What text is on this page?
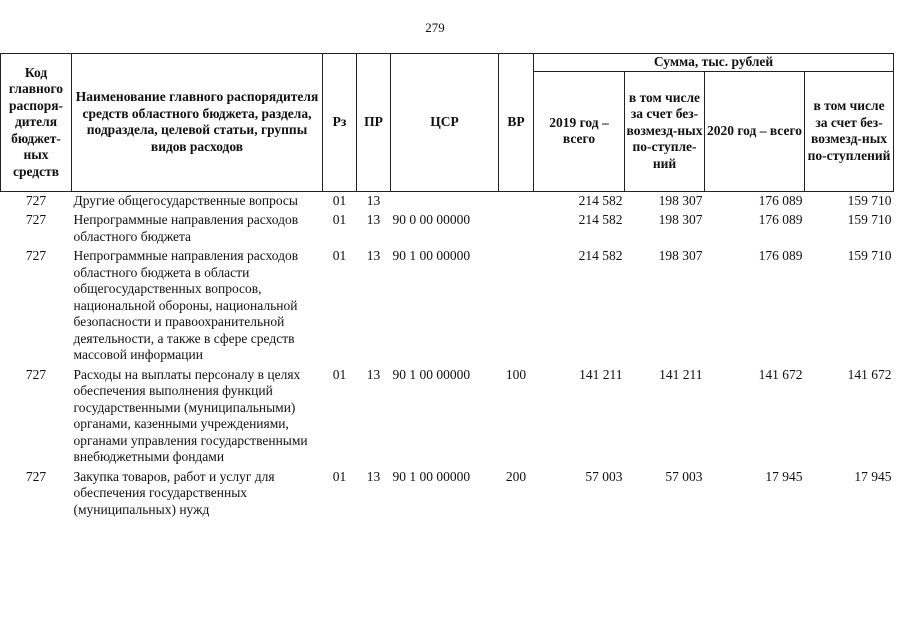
279
Код главного распоря-дителя бюджет-ных средств	Наименование главного распорядителя средств областного бюджета, раздела, подраздела, целевой статьи, группы видов расходов	Рз	ПР	ЦСР	ВР	Сумма, тыс. рублей			
						2019 год – всего	в том числе за счет без-возмезд-ных по-ступле-ний	2020 год – всего	в том числе за счет без-возмезд-ных по-ступлений
727	Другие общегосударственные вопросы	01	13			214 582	198 307	176 089	159 710
727	Непрограммные направления расходов областного бюджета	01	13	90 0 00 00000		214 582	198 307	176 089	159 710
727	Непрограммные направления расходов областного бюджета в области общегосударственных вопросов, национальной обороны, национальной безопасности и правоохранительной деятельности, а также в сфере средств массовой информации	01	13	90 1 00 00000		214 582	198 307	176 089	159 710
727	Расходы на выплаты персоналу в целях обеспечения выполнения функций государственными (муниципальными) органами, казенными учреждениями, органами управления государственными внебюджетными фондами	01	13	90 1 00 00000	100	141 211	141 211	141 672	141 672
727	Закупка товаров, работ и услуг для обеспечения государственных (муниципальных) нужд	01	13	90 1 00 00000	200	57 003	57 003	17 945	17 945
